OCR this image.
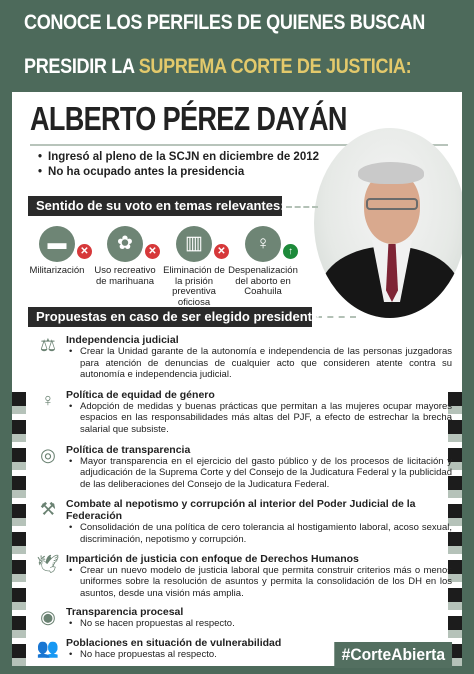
CONOCE LOS PERFILES DE QUIENES BUSCAN
PRESIDIR LA SUPREMA CORTE DE JUSTICIA:
ALBERTO PÉREZ DAYÁN
• Ingresó al pleno de la SCJN en diciembre de 2012
• No ha ocupado antes la presidencia
Sentido de su voto en temas relevantes:
▬	✕
Militarización
✿	✕
Uso recreativo de marihuana
▥	✕
Eliminación de la prisión preventiva oficiosa
♀	↑
Despenalización del aborto en Coahuila
Propuestas en caso de ser elegido presidente
⚖ Independencia judicial
• Crear la Unidad garante de la autonomía e independencia de las personas juzgadoras para atención de denuncias de cualquier acto que consideren atente contra su autonomía e independencia judicial.
♀	Política de equidad de género
• Adopción de medidas y buenas prácticas que permitan a las mujeres ocupar mayores espacios en las responsabilidades más altas del PJF, a efecto de estrechar la brecha salarial que subsiste.
◎ Política de transparencia
• Mayor transparencia en el ejercicio del gasto público y de los procesos de licitación y adjudicación de la Suprema Corte y del Consejo de la Judicatura Federal y la publicidad de las deliberaciones del Consejo de la Judicatura Federal.
⚒ Combate al nepotismo y corrupción al interior del Poder Judicial de la Federación
• Consolidación de una política de cero tolerancia al hostigamiento laboral, acoso sexual, discriminación, nepotismo y corrupción.
🕊 Impartición de justicia con enfoque de Derechos Humanos
• Crear un nuevo modelo de justicia laboral que permita construir criterios más o menos uniformes sobre la resolución de asuntos y permita la consolidación de los DH en los asuntos, desde una visión más amplia.
◉ Transparencia procesal
• No se hacen propuestas al respecto.
👥 Poblaciones en situación de vulnerabilidad
• No hace propuestas al respecto.	#CorteAbierta
